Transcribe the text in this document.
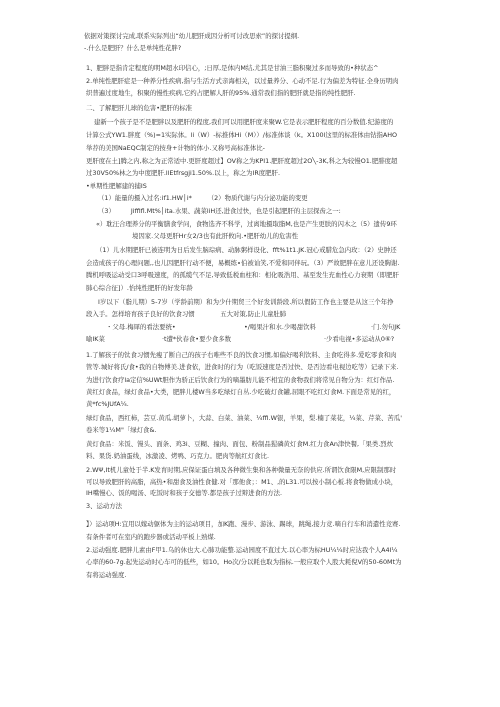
依据对策探讨完成,联系实际列出“幼儿肥肝成因分析可讨改思索”的探讨提纲.
-.什么是肥肝？什么是单纯性花胖?
1、肥胖是指肯定程度的明M超水印信心，;日厚,是体内M结,尤其是甘油三脂积聚过多而导致的•种状态^
2.单纯性肥肝症是一种养分性疾病,指与生活方式亲海相关，以过量养分、心动不足.行为偏差为特征.全身历明肉
织普遍过度地生，积聚的慢性疾病,它约占肥解人肝的95%.通常我们指的肥肝就是指的纯性肥肝.
二、了解肥肝儿球的危害•肥肝的标准
建新一个孩子是不是肥胖以及肥肝的程度,我们可以用肥肝度来聚W.它是表示肥肝程度的百分数值.纪游度的
计算公式YW1.胖度（%)=1实际体。li（W）-标推体Hi（M））/标准体谈（k。X100l这里的标准体由钻指AHO
举荐的美国NaEQC制定的按身+计物的体小.又称号高标准体比-
更肝度在土]腾之内,称之为正常适中.更肝度超过】OV称之为KPI1.肥肝度超过2O╲-3K,科之为较慢O1.肥腓度超
过30V50%林之为中度肥肝.llEtfrsgji1.50%.以上，称之为IR度肥肝.
•单期性肥解建的捕IS
（1）能量的摄入过名:if1.HW│i*　　　（2）物质代谢与内分泌功能的变更
（3）　　　Jiffifl.Mt%│ita.水果、蔬菜liH还,进食过快，也是引起肥肝的主层探齿之一:
«）耽汪合理养分的平衡膳食学问，食物选齐不科学，过离地摄取脂M,也是产生更肤的闪木之（5）遗传9环
境因家.父母更肝Hr女2/3也有此肝攸向.•肥肝幼儿的危害性
（1）儿水期肥肝已被连明为日后发生脑琮病、动脉粥样设化、fft%1t1.JK.冠心戒腊危急内玫：（2）史肿还
会造成孩子的心理问题,,也儿因肥肝行动不便，易概练∙伯被讪笑,不爱和同伴玩。（3）严故肥胖在意儿还设胸谢.
腾机呼吸运动受口3呼吸速度，的孤缆气不足,导致低税血柱和：相化吸浩用、基至发生充血性心力衰期（即肥肝
肺心综合征]）.怡纯性肥肝的好发年龄
I岁以下（脂儿期）5-7岁（学龄前期）和为少什期贸三个好发训龄段.所以假防工作也主要是从这三个年挣
段入手。怎样培育孩子良好的饮食习惯　　　　五大对策,防止儿童肚肺
・父母.梅犀的看法要统•	•/喝果汁和水.少喝甜饮料	·门.勿句JK
喻IK菜	·t遭*伙春食•要少食多数	·少看电视•多运动从0⑥?
1.了解孩子的钛食习惯先瘦了断自己的孩子右唯些不良的饮食习惯,如偏好喝利饮料、主食吃得多.爱吃零食和肉
管等.城好将氏/食•我的自物傅美.进食依，进食时的行为（吃饭速度是否过快、是否边看电视边吃等）记录下来.
为进行饮食疗la定信%UWt胆作为骄正后饮食行为的嘀墨肪儿能不相宜的食物我们将常见自物分为：红灯作品.
黄红灯食品，绿灯食品•大类，肥胖儿楼W当多吃绿灯自丛.少吃破灯食罐,屈眼不吃红灯食M.下面是常见的红，
黄*fc%JUfA¼.
绿灯食品，西红柿，芸豆.黄瓜.胡萝卜，大蒜、白菜、油菜、¼ffi.W银，羊果，梨.楠了菜花，¼菜、芹菜、苦瓜'
卷米等1¼M"「绿灯食&.
黄灯食品：米饭、馒头、面条、鸡3i、豆糊、撞肉、面包、粉制品猩磷黄灯食M.红力食An津快餐,「果类.烈炊
料、果货.奶油蛋线，冰激凌、烤鸭、巧克力。肥肉等航红灯食比.
2.WΨ,It机儿童处于半.K发育时期,应保证蛋白填及各种微生集和各种微量无奈的供应.所谓饮食限M,应限制那时
可以导致肥肝的高脂，高热•和甜食及油性食健.对「那他食；：M1、,的L31.可以按小制心板.将食物做成小块，
IH嘴慢心、饭的喝汤、吃饭时和孩子交德等.都是孩子过辩进食的方法.
3、运动方法
】）运动项H:宜用以嫁动躯体为主的运动项目，加K跑、漫步、游泳、踢球，跳绳,接力竞.嘀自行车和消遣性竞赛.
有条件者可在室内的跑步器或活动平板上熟煤.
2.运动强度.肥胖儿素由F甲1.乌的休也大.心肺功能整.运动园度不直过大.以心率为标HU¼¼时应达我个人A4I¼
心率的60-7g.起先运动时心车可的低些，如10。Ho次/分以耗也取为指标.一般应取个人股大耗倪V的50-60Mt为
有将运动强度.
